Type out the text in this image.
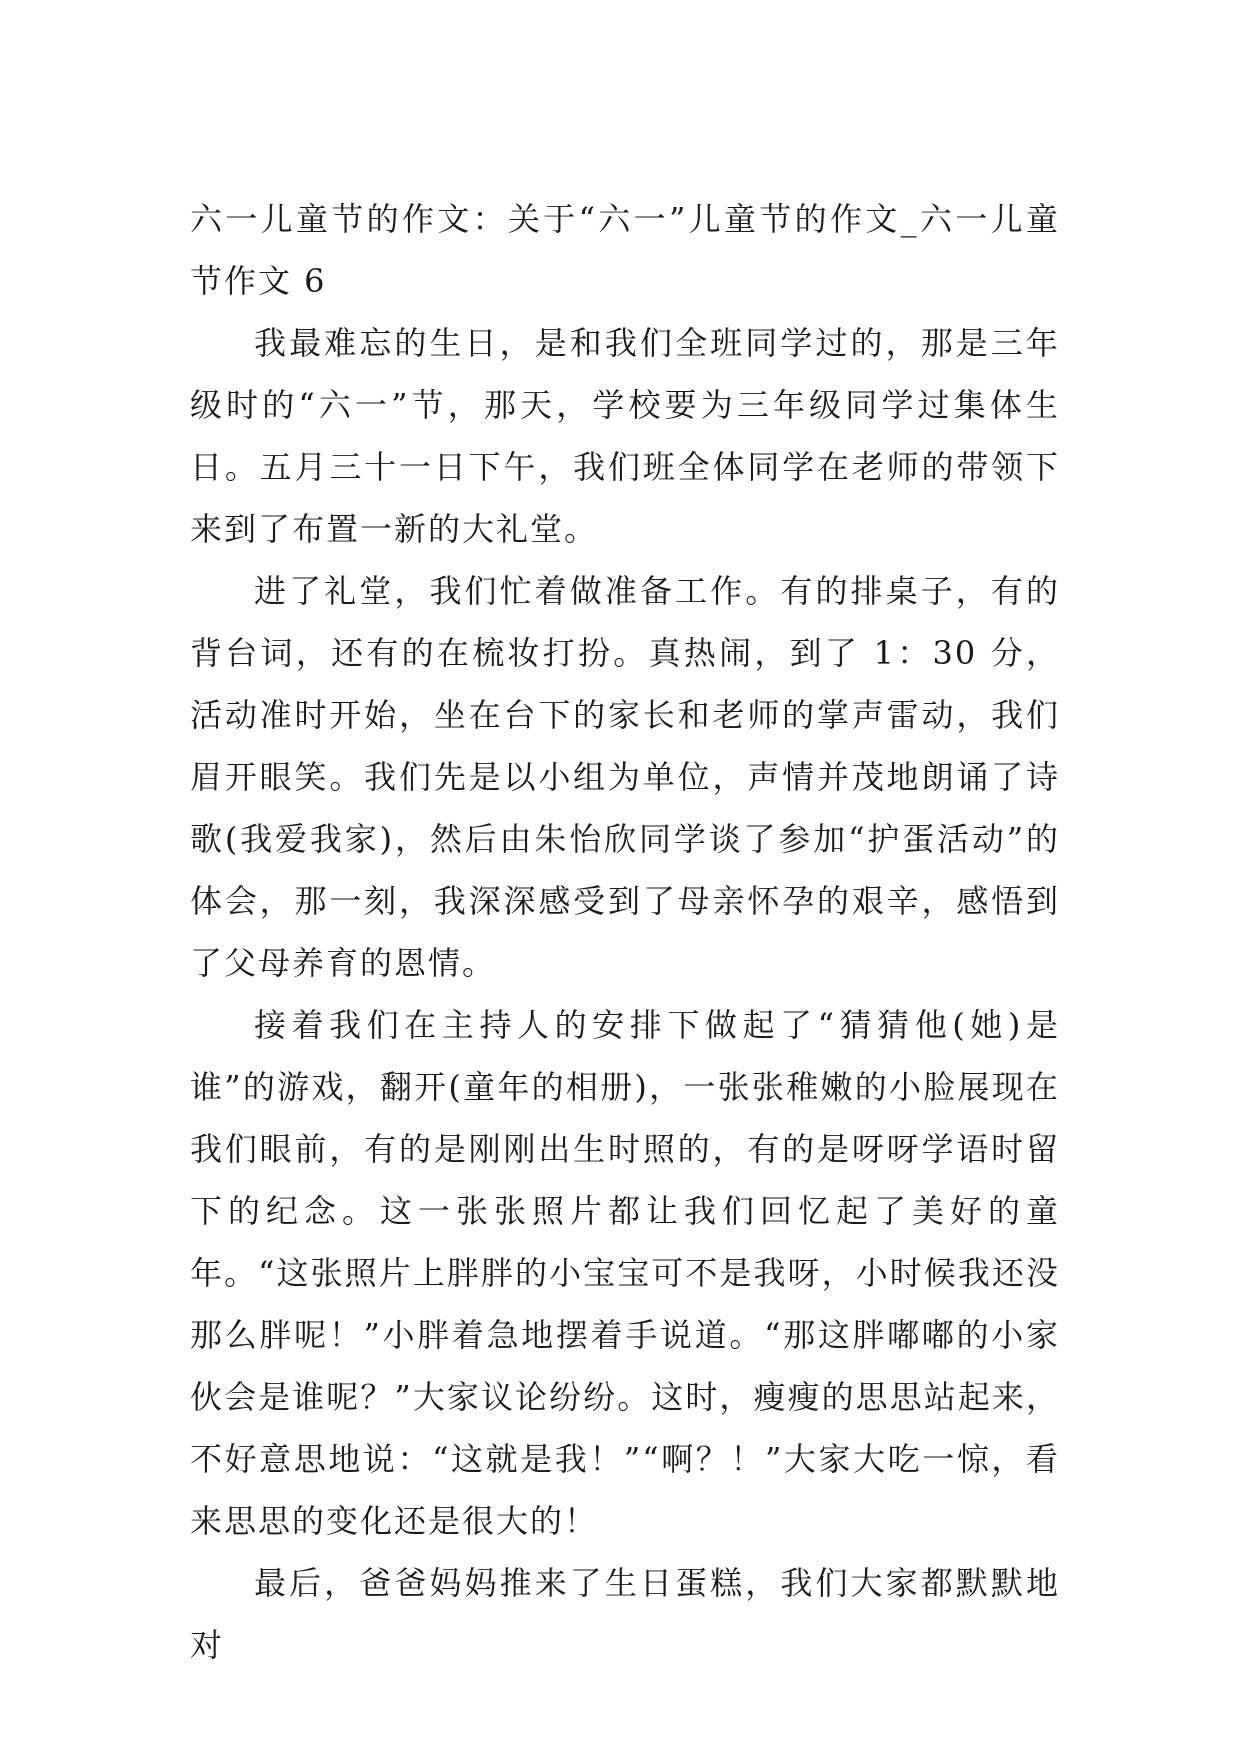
六一儿童节的作文：关于“六一”儿童节的作文_六一儿童节作文 6

我最难忘的生日，是和我们全班同学过的，那是三年级时的“六一”节，那天，学校要为三年级同学过集体生日。五月三十一日下午，我们班全体同学在老师的带领下来到了布置一新的大礼堂。

进了礼堂，我们忙着做准备工作。有的排桌子，有的背台词，还有的在梳妆打扮。真热闹，到了 1：30 分，活动准时开始，坐在台下的家长和老师的掌声雷动，我们眉开眼笑。我们先是以小组为单位，声情并茂地朗诵了诗歌(我爱我家)，然后由朱怡欣同学谈了参加“护蛋活动”的体会，那一刻，我深深感受到了母亲怀孕的艰辛，感悟到了父母养育的恩情。

接着我们在主持人的安排下做起了“猜猜他(她)是谁”的游戏，翻开(童年的相册)，一张张稚嫩的小脸展现在我们眼前，有的是刚刚出生时照的，有的是呀呀学语时留下的纪念。这一张张照片都让我们回忆起了美好的童年。“这张照片上胖胖的小宝宝可不是我呀，小时候我还没那么胖呢！”小胖着急地摆着手说道。“那这胖嘟嘟的小家伙会是谁呢？”大家议论纷纷。这时，瘦瘦的思思站起来，不好意思地说：“这就是我！”“啊？！”大家大吃一惊，看来思思的变化还是很大的！

最后，爸爸妈妈推来了生日蛋糕，我们大家都默默地对
